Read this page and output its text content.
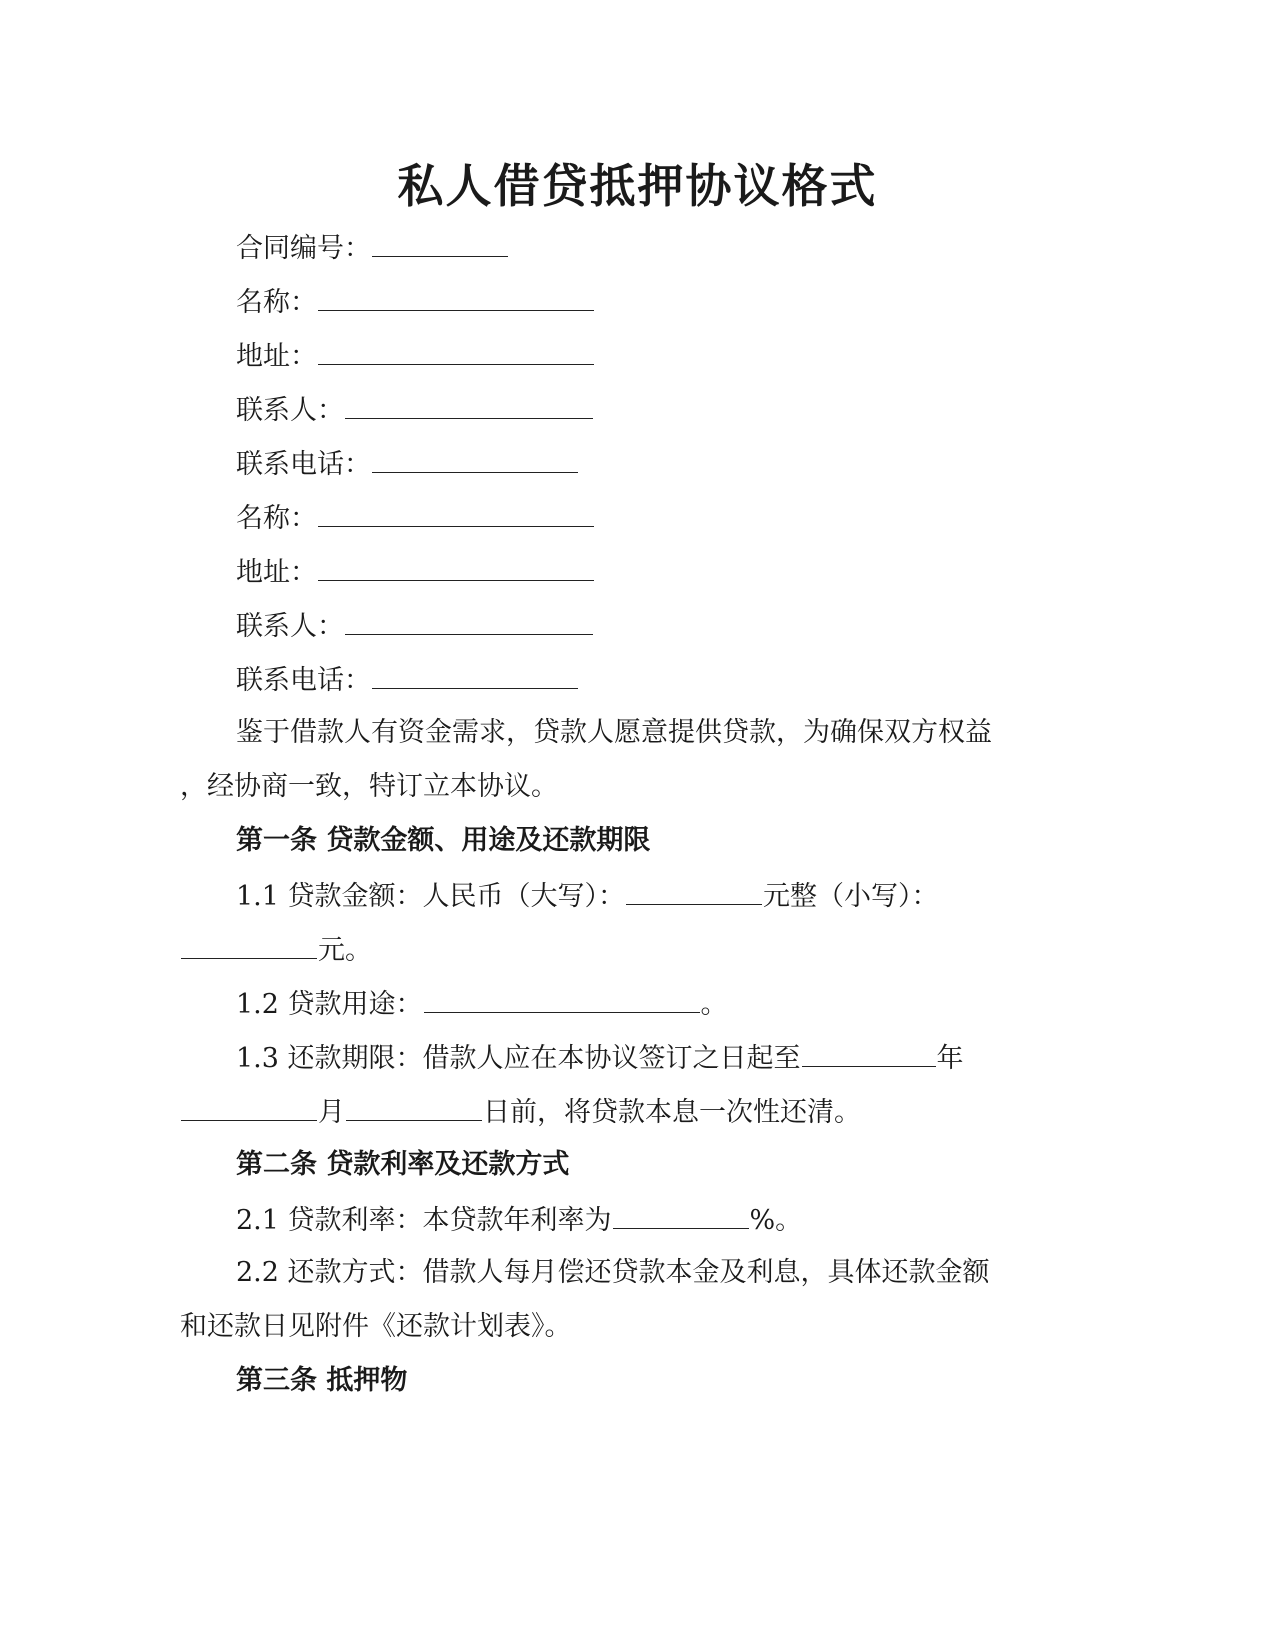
私人借贷抵押协议格式
合同编号：
名称：
地址：
联系人：
联系电话：
名称：
地址：
联系人：
联系电话：
鉴于借款人有资金需求，贷款人愿意提供贷款，为确保双方权益
，经协商一致，特订立本协议。
第一条 贷款金额、用途及还款期限
1.1 贷款金额：人民币（大写）：	元整（小写）：
元。
1.2 贷款用途：	。
1.3 还款期限：借款人应在本协议签订之日起至	年
月	日前，将贷款本息一次性还清。
第二条 贷款利率及还款方式
2.1 贷款利率：本贷款年利率为	%。
2.2 还款方式：借款人每月偿还贷款本金及利息，具体还款金额
和还款日见附件《还款计划表》。
第三条 抵押物
